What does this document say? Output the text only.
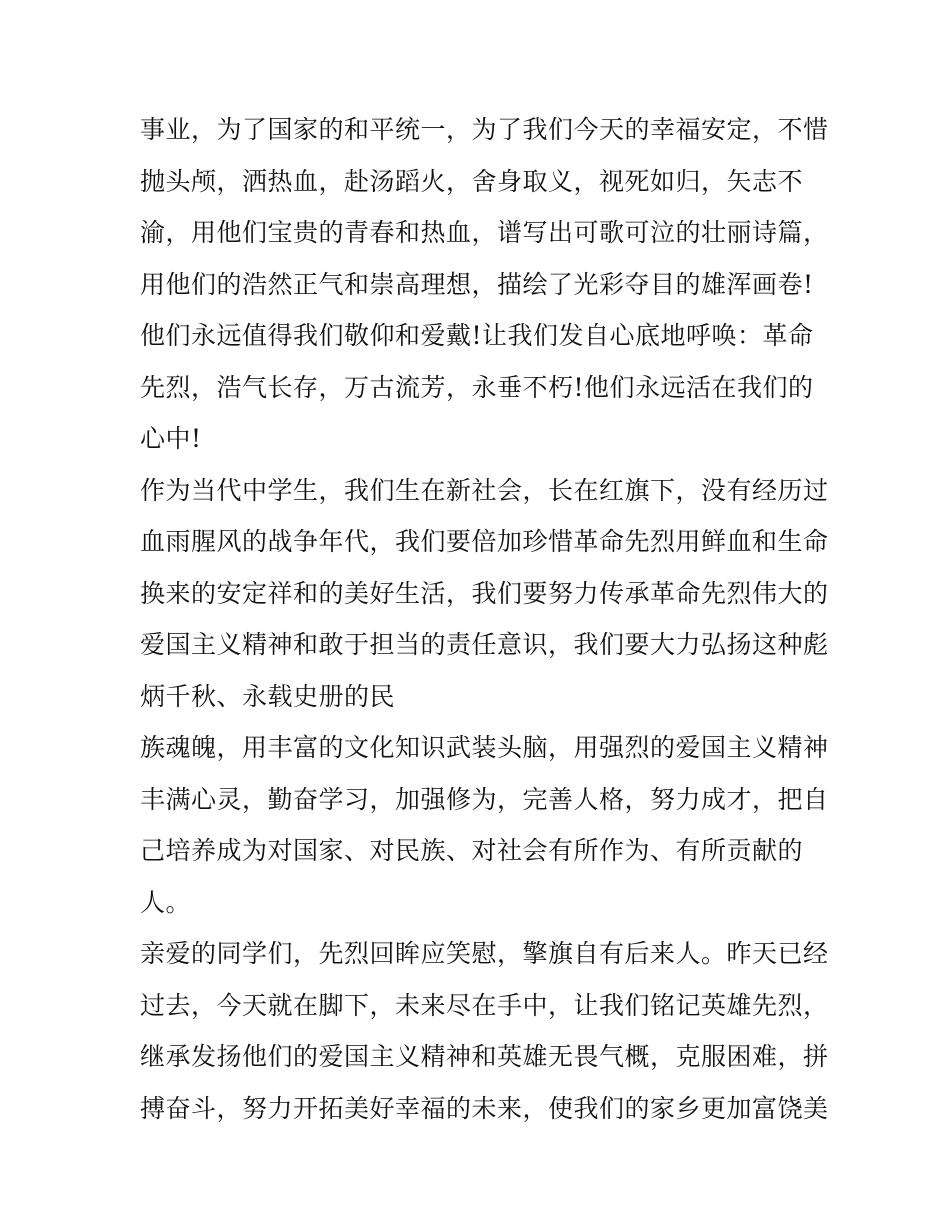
事业，为了国家的和平统一，为了我们今天的幸福安定，不惜
抛头颅，洒热血，赴汤蹈火，舍身取义，视死如归，矢志不
渝，用他们宝贵的青春和热血，谱写出可歌可泣的壮丽诗篇，
用他们的浩然正气和崇高理想，描绘了光彩夺目的雄浑画卷!
他们永远值得我们敬仰和爱戴!让我们发自心底地呼唤：革命
先烈，浩气长存，万古流芳，永垂不朽!他们永远活在我们的
心中!
作为当代中学生，我们生在新社会，长在红旗下，没有经历过
血雨腥风的战争年代，我们要倍加珍惜革命先烈用鲜血和生命
换来的安定祥和的美好生活，我们要努力传承革命先烈伟大的
爱国主义精神和敢于担当的责任意识，我们要大力弘扬这种彪
炳千秋、永载史册的民
族魂魄，用丰富的文化知识武装头脑，用强烈的爱国主义精神
丰满心灵，勤奋学习，加强修为，完善人格，努力成才，把自
己培养成为对国家、对民族、对社会有所作为、有所贡献的
人。
亲爱的同学们，先烈回眸应笑慰，擎旗自有后来人。昨天已经
过去，今天就在脚下，未来尽在手中，让我们铭记英雄先烈，
继承发扬他们的爱国主义精神和英雄无畏气概，克服困难，拼
搏奋斗，努力开拓美好幸福的未来，使我们的家乡更加富饶美
